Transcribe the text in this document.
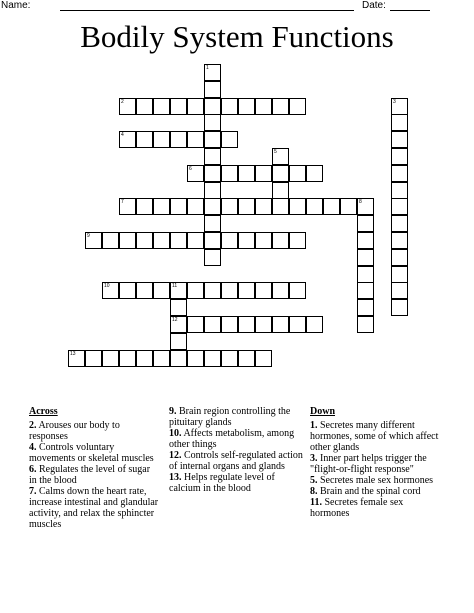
Name:	Date:
Bodily System Functions
1
2	3
4
5
6
7	8
9
10	11
12
13
Across
2. Arouses our body to responses
4. Controls voluntary movements or skeletal muscles
6. Regulates the level of sugar in the blood
7. Calms down the heart rate, increase intestinal and glandular activity, and relax the sphincter muscles
9. Brain region controlling the pituitary glands
10. Affects metabolism, among other things
12. Controls self-regulated action of internal organs and glands
13. Helps regulate level of calcium in the blood
Down
1. Secretes many different hormones, some of which affect other glands
3. Inner part helps trigger the "flight-or-flight response"
5. Secretes male sex hormones
8. Brain and the spinal cord
11. Secretes female sex hormones
